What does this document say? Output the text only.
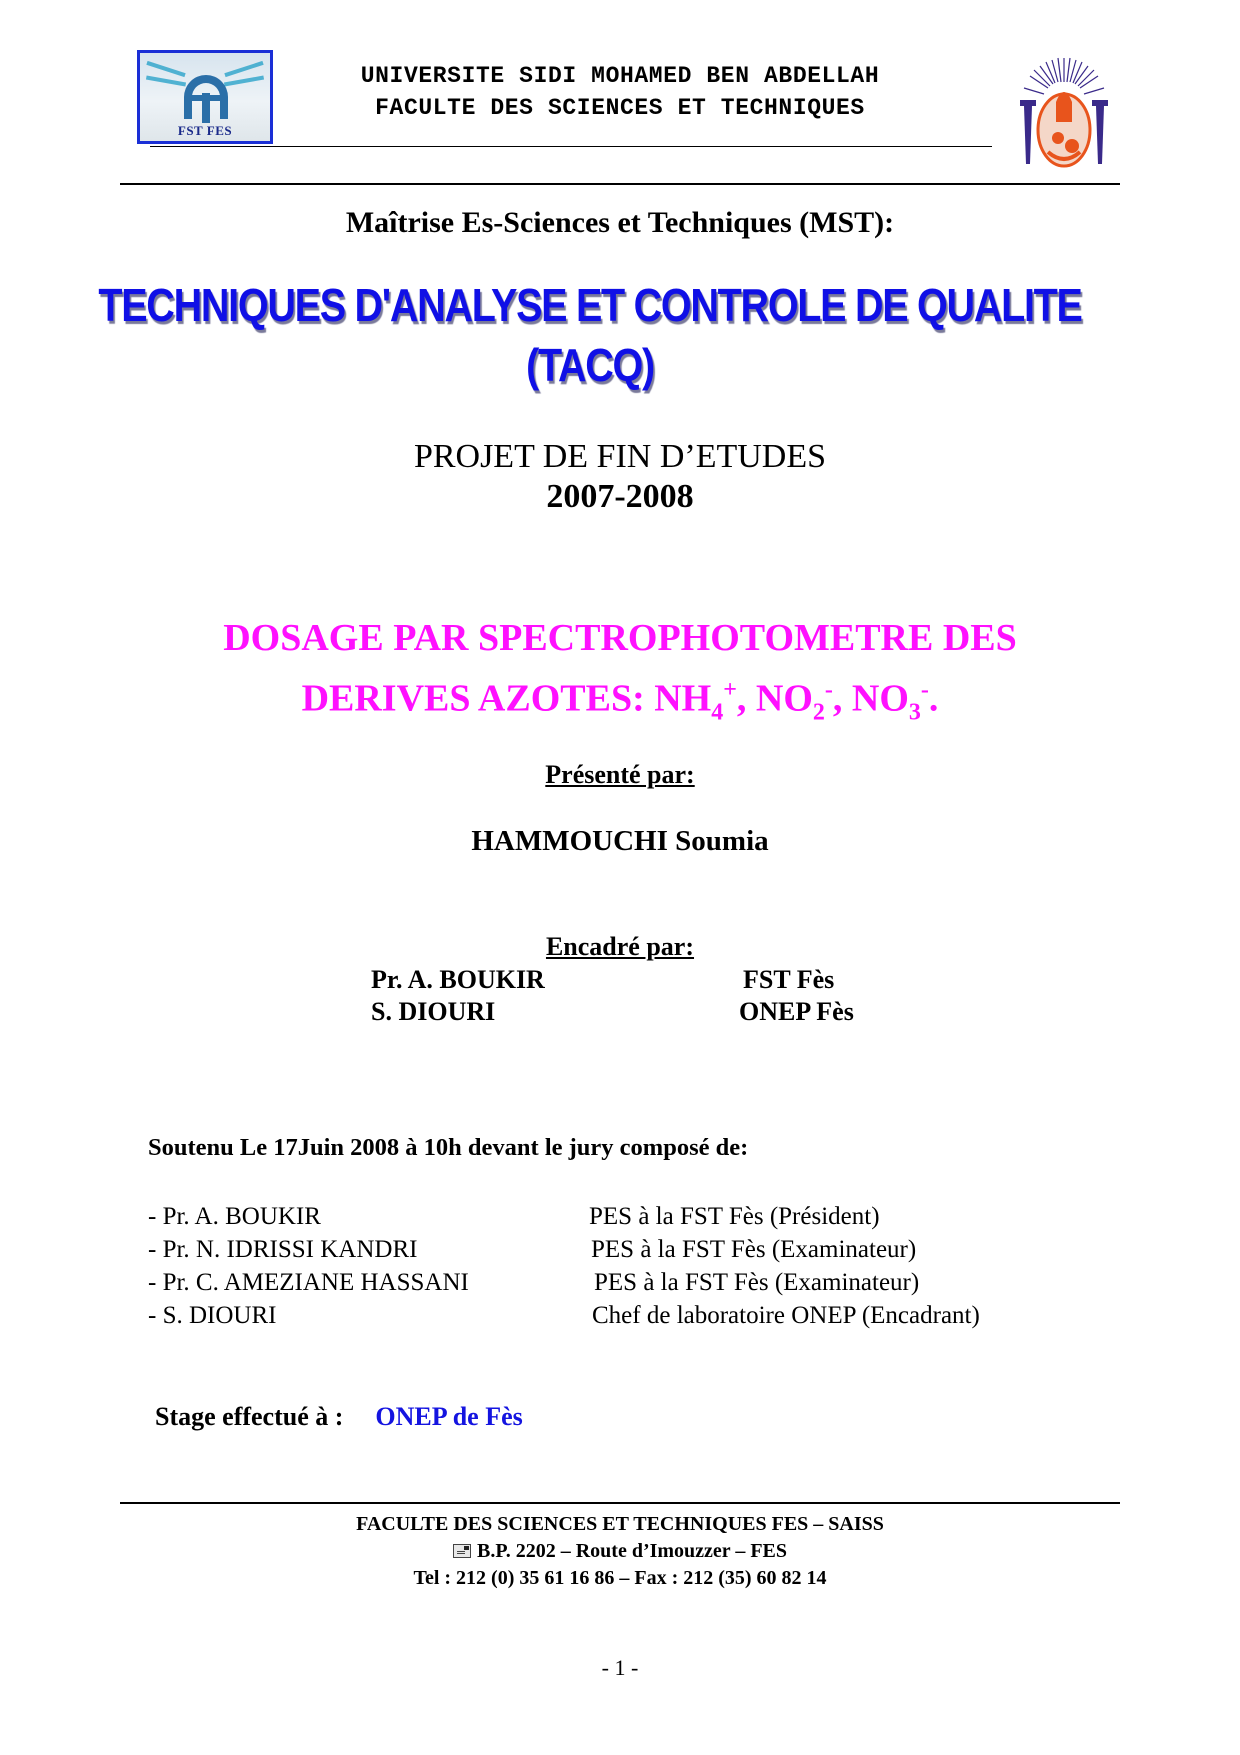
FST FES
UNIVERSITE SIDI MOHAMED BEN ABDELLAH
FACULTE DES SCIENCES ET TECHNIQUES
Maîtrise Es-Sciences et Techniques (MST):
TECHNIQUES D'ANALYSE ET CONTROLE DE QUALITE
(TACQ)
PROJET DE FIN D’ETUDES
2007-2008
DOSAGE PAR SPECTROPHOTOMETRE DES
DERIVES AZOTES: $NH_4^+$, $NO_2^-$, $NO_3^-$.
Présenté par:
HAMMOUCHI Soumia
Encadré par:
Pr. A. BOUKIR	FST Fès
S. DIOURI	ONEP Fès
Soutenu Le 17Juin 2008 à 10h devant le jury composé de:
- Pr. A. BOUKIR	PES à la FST Fès (Président)
- Pr. N. IDRISSI KANDRI	PES à la FST Fès (Examinateur)
- Pr. C. AMEZIANE HASSANI	PES à la FST Fès (Examinateur)
- S. DIOURI	Chef de laboratoire ONEP (Encadrant)
Stage effectué à : ONEP de Fès
FACULTE DES SCIENCES ET TECHNIQUES FES – SAISS
B.P. 2202 – Route d’Imouzzer – FES
Tel : 212 (0) 35 61 16 86 – Fax : 212 (35) 60 82 14
- 1 -
